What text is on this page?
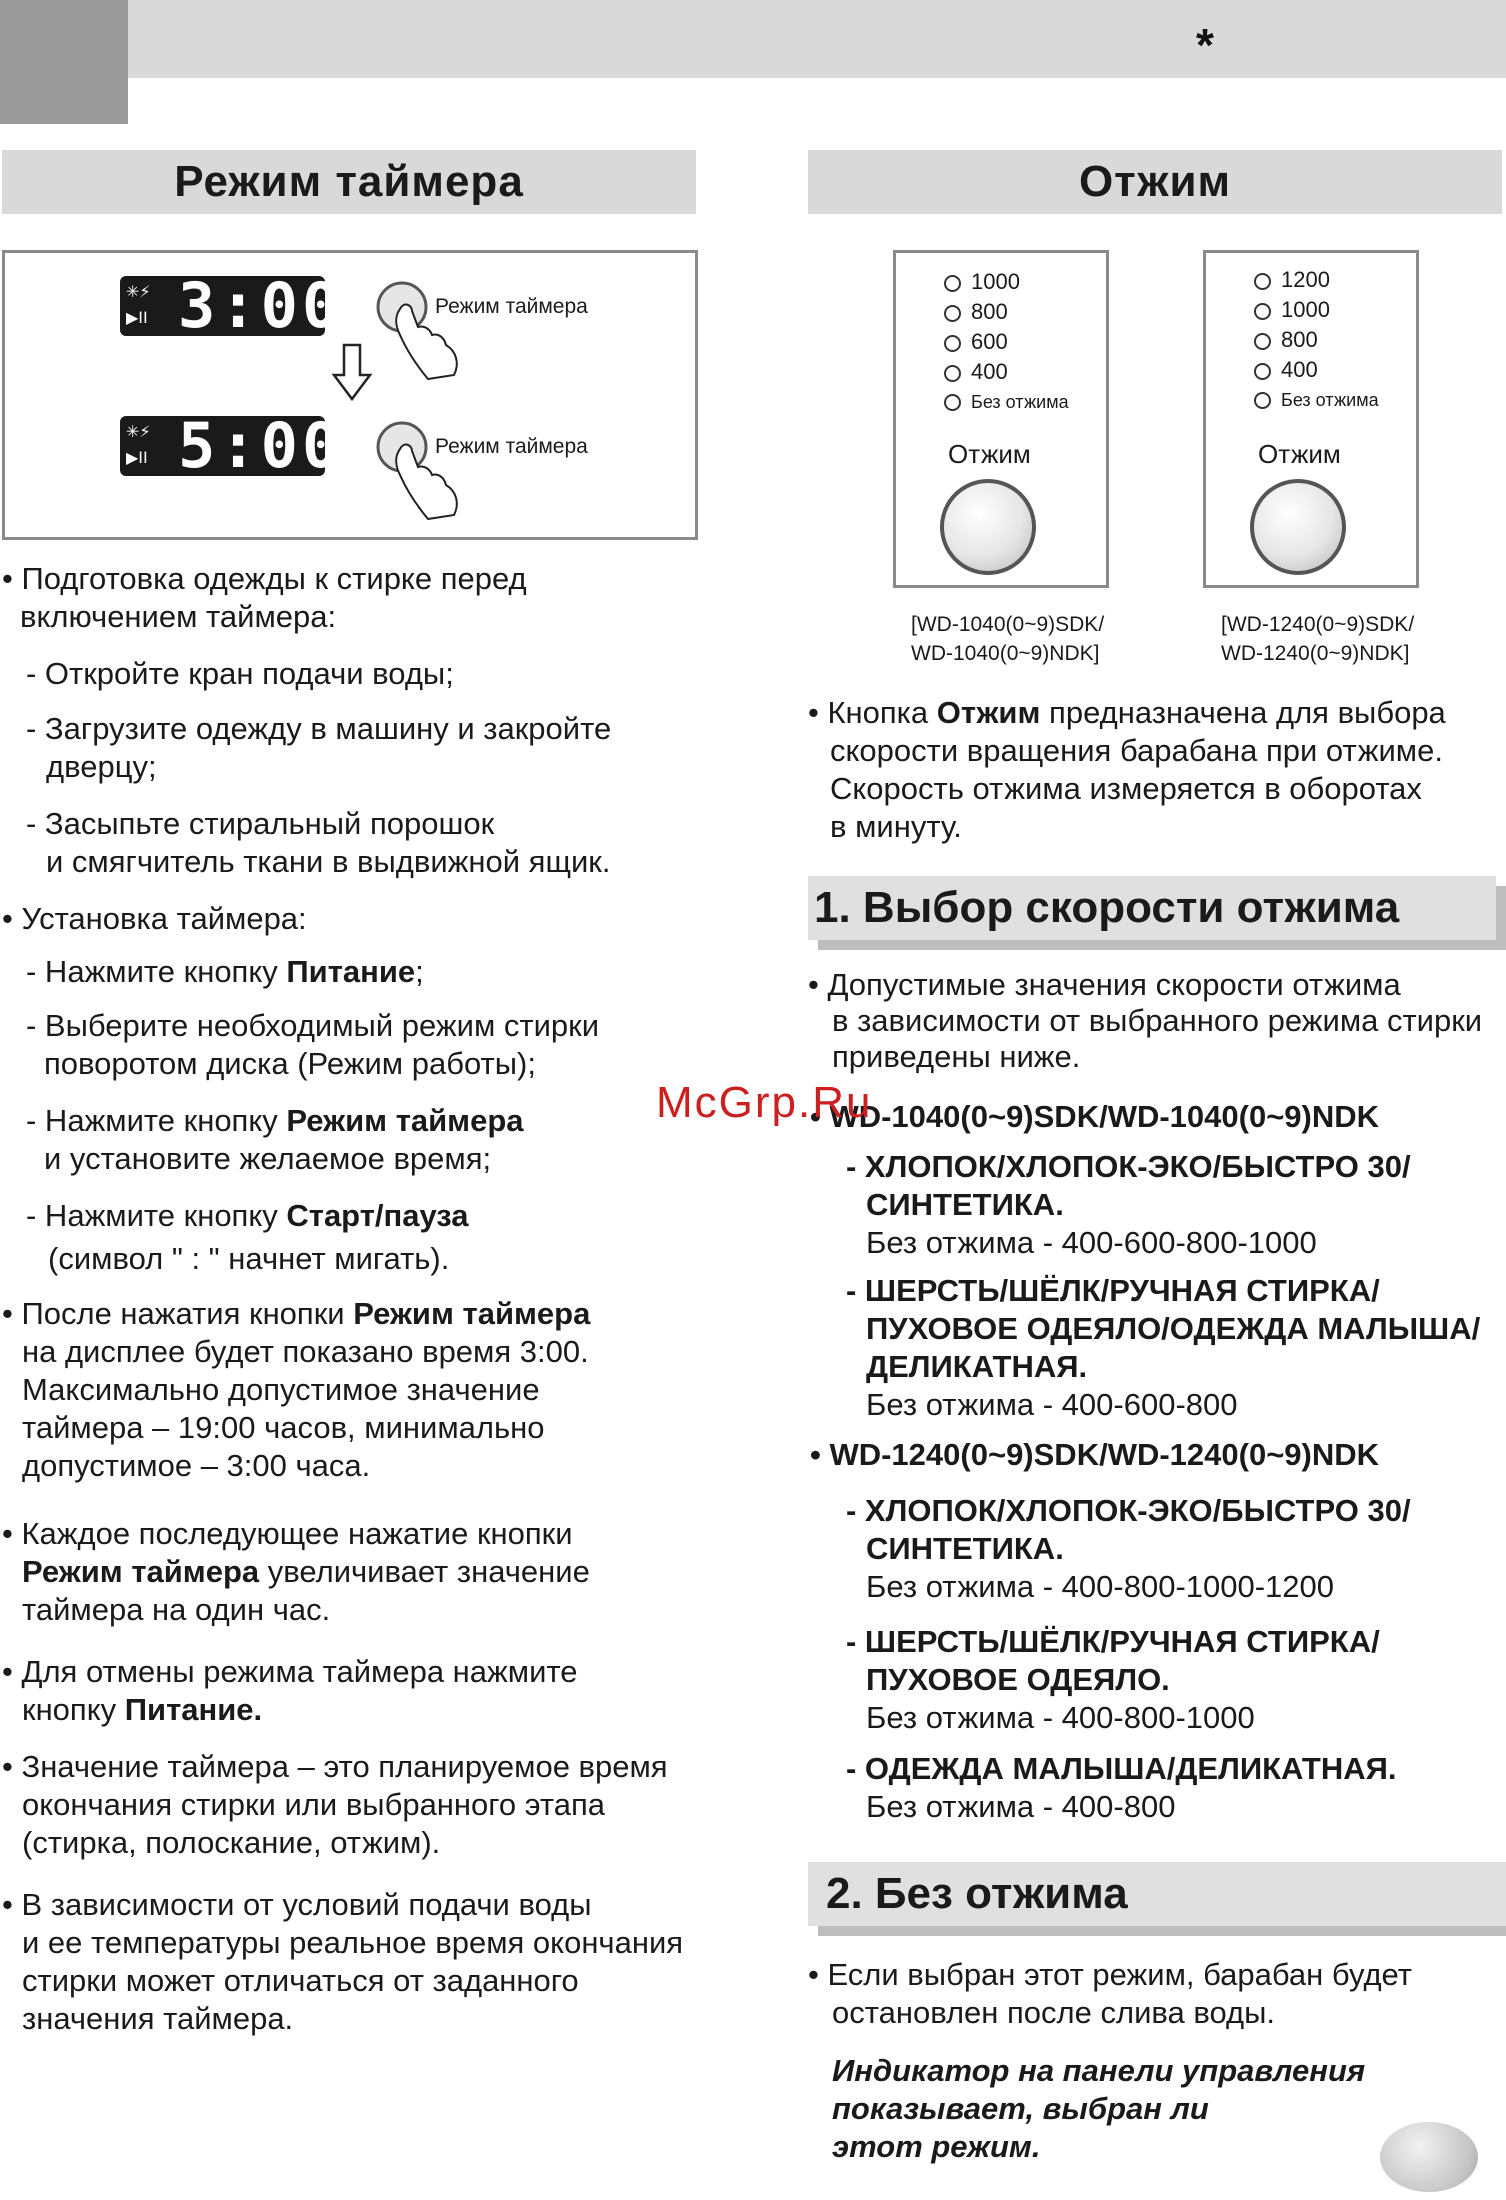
*
Режим таймера
✳⚡
▶II 3:00
✳⚡
▶II 5:00
Режим таймера
Режим таймера
• Подготовка одежды к стирке перед
включением таймера:
- Откройте кран подачи воды;
- Загрузите одежду в машину и закройте
дверцу;
- Засыпьте стиральный порошок
и смягчитель ткани в выдвижной ящик.
• Установка таймера:
- Нажмите кнопку Питание;
- Выберите необходимый режим стирки
поворотом диска (Режим работы);
- Нажмите кнопку Режим таймера
и установите желаемое время;
- Нажмите кнопку Старт/пауза
(символ " : " начнет мигать).
• После нажатия кнопки Режим таймера
на дисплее будет показано время 3:00.
Максимально допустимое значение
таймера – 19:00 часов, минимально
допустимое – 3:00 часа.
• Каждое последующее нажатие кнопки
Режим таймера увеличивает значение
таймера на один час.
• Для отмены режима таймера нажмите
кнопку Питание.
• Значение таймера – это планируемое время
окончания стирки или выбранного этапа
(стирка, полоскание, отжим).
• В зависимости от условий подачи воды
и ее температуры реальное время окончания
стирки может отличаться от заданного
значения таймера.
Отжим
1000
800
600
400
Без отжима
Отжим
[WD-1040(0~9)SDK/
WD-1040(0~9)NDK]
1200
1000
800
400
Без отжима
Отжим
[WD-1240(0~9)SDK/
WD-1240(0~9)NDK]
• Кнопка Отжим предназначена для выбора
скорости вращения барабана при отжиме.
Скорость отжима измеряется в оборотах
в минуту.
1. Выбор скорости отжима
• Допустимые значения скорости отжима
в зависимости от выбранного режима стирки
приведены ниже.
• WD-1040(0~9)SDK/WD-1040(0~9)NDK
- ХЛОПОК/ХЛОПОК-ЭКО/БЫСТРО 30/
СИНТЕТИКА.
Без отжима - 400-600-800-1000
- ШЕРСТЬ/ШЁЛК/РУЧНАЯ СТИРКА/
ПУХОВОЕ ОДЕЯЛО/ОДЕЖДА МАЛЫША/
ДЕЛИКАТНАЯ.
Без отжима - 400-600-800
• WD-1240(0~9)SDK/WD-1240(0~9)NDK
- ХЛОПОК/ХЛОПОК-ЭКО/БЫСТРО 30/
СИНТЕТИКА.
Без отжима - 400-800-1000-1200
- ШЕРСТЬ/ШЁЛК/РУЧНАЯ СТИРКА/
ПУХОВОЕ ОДЕЯЛО.
Без отжима - 400-800-1000
- ОДЕЖДА МАЛЫША/ДЕЛИКАТНАЯ.
Без отжима - 400-800
2. Без отжима
• Если выбран этот режим, барабан будет
остановлен после слива воды.
Индикатор на панели управления
показывает, выбран ли
этот режим.
McGrp.Ru
